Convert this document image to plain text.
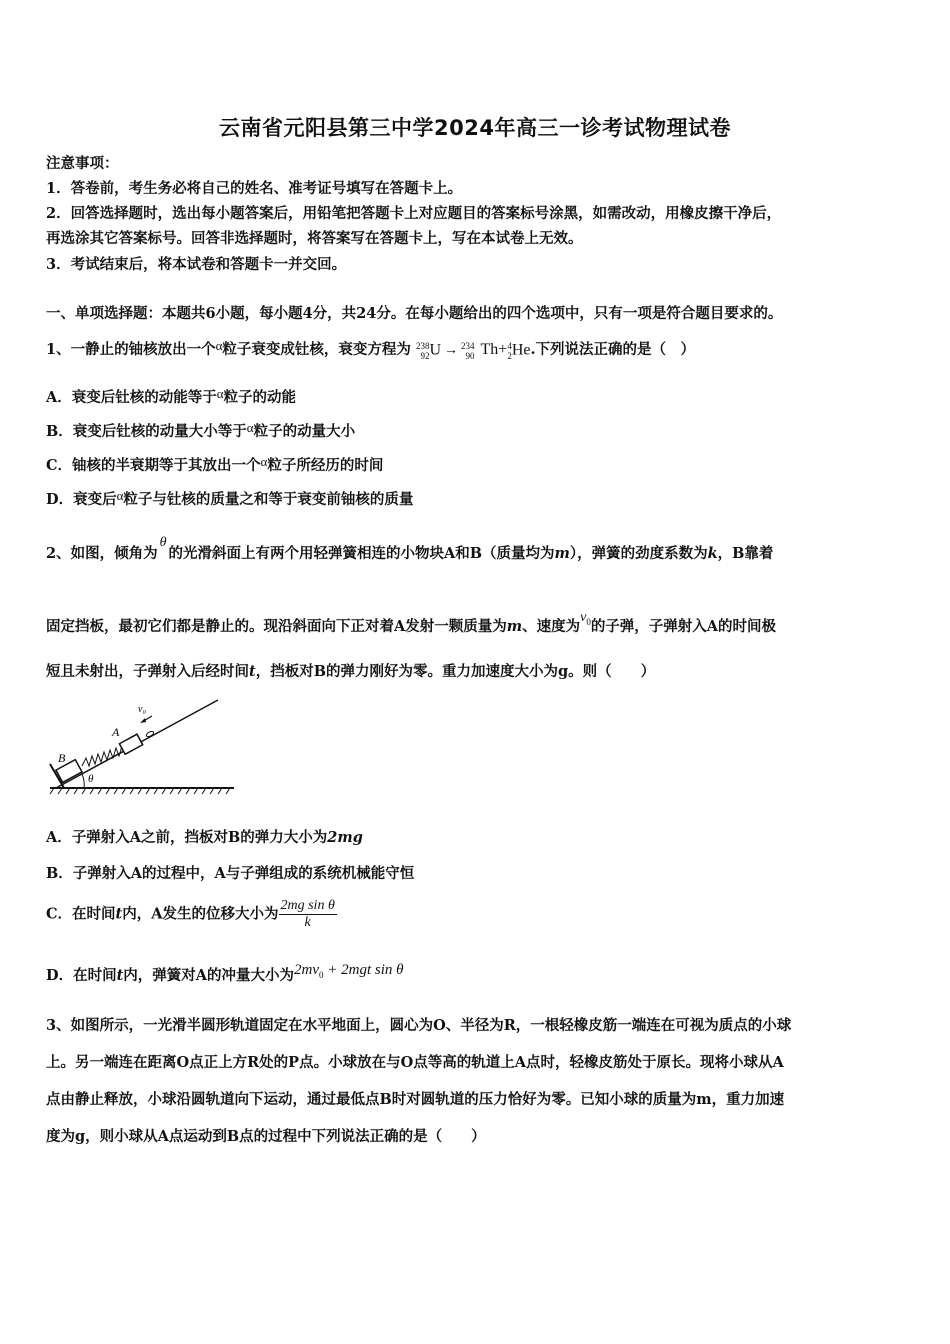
云南省元阳县第三中学2024年高三一诊考试物理试卷
注意事项：
1．答卷前，考生务必将自己的姓名、准考证号填写在答题卡上。
2．回答选择题时，选出每小题答案后，用铅笔把答题卡上对应题目的答案标号涂黑，如需改动，用橡皮擦干净后，
再选涂其它答案标号。回答非选择题时，将答案写在答题卡上，写在本试卷上无效。
3．考试结束后，将本试卷和答题卡一并交回。
一、单项选择题：本题共6小题，每小题4分，共24分。在每小题给出的四个选项中，只有一项是符合题目要求的。
1、一静止的铀核放出一个α粒子衰变成钍核，衰变方程为 238
92 U → 234
90 Th+ 4
2 He.下列说法正确的是（　）
A．衰变后钍核的动能等于α粒子的动能
B．衰变后钍核的动量大小等于α粒子的动量大小
C．铀核的半衰期等于其放出一个α粒子所经历的时间
D．衰变后α粒子与钍核的质量之和等于衰变前铀核的质量
2、如图，倾角为θ的光滑斜面上有两个用轻弹簧相连的小物块A和B（质量均为m），弹簧的劲度系数为k，B靠着
固定挡板，最初它们都是静止的。现沿斜面向下正对着A发射一颗质量为m、速度为$v_0$的子弹，子弹射入A的时间极
短且未射出，子弹射入后经时间t，挡板对B的弹力刚好为零。重力加速度大小为g。则（　　）
v₀
A
B
θ
A．子弹射入A之前，挡板对B的弹力大小为2mg
B．子弹射入A的过程中，A与子弹组成的系统机械能守恒
C．在时间t内，A发生的位移大小为 $\frac{\text{2mg sin θ}}{k}$
D．在时间t内，弹簧对A的冲量大小为$2mv_0 + 2mgt$ sin θ
3、如图所示，一光滑半圆形轨道固定在水平地面上，圆心为O、半径为R，一根轻橡皮筋一端连在可视为质点的小球
上。另一端连在距离O点正上方R处的P点。小球放在与O点等高的轨道上A点时，轻橡皮筋处于原长。现将小球从A
点由静止释放，小球沿圆轨道向下运动，通过最低点B时对圆轨道的压力恰好为零。已知小球的质量为m，重力加速
度为g，则小球从A点运动到B点的过程中下列说法正确的是（　　）
